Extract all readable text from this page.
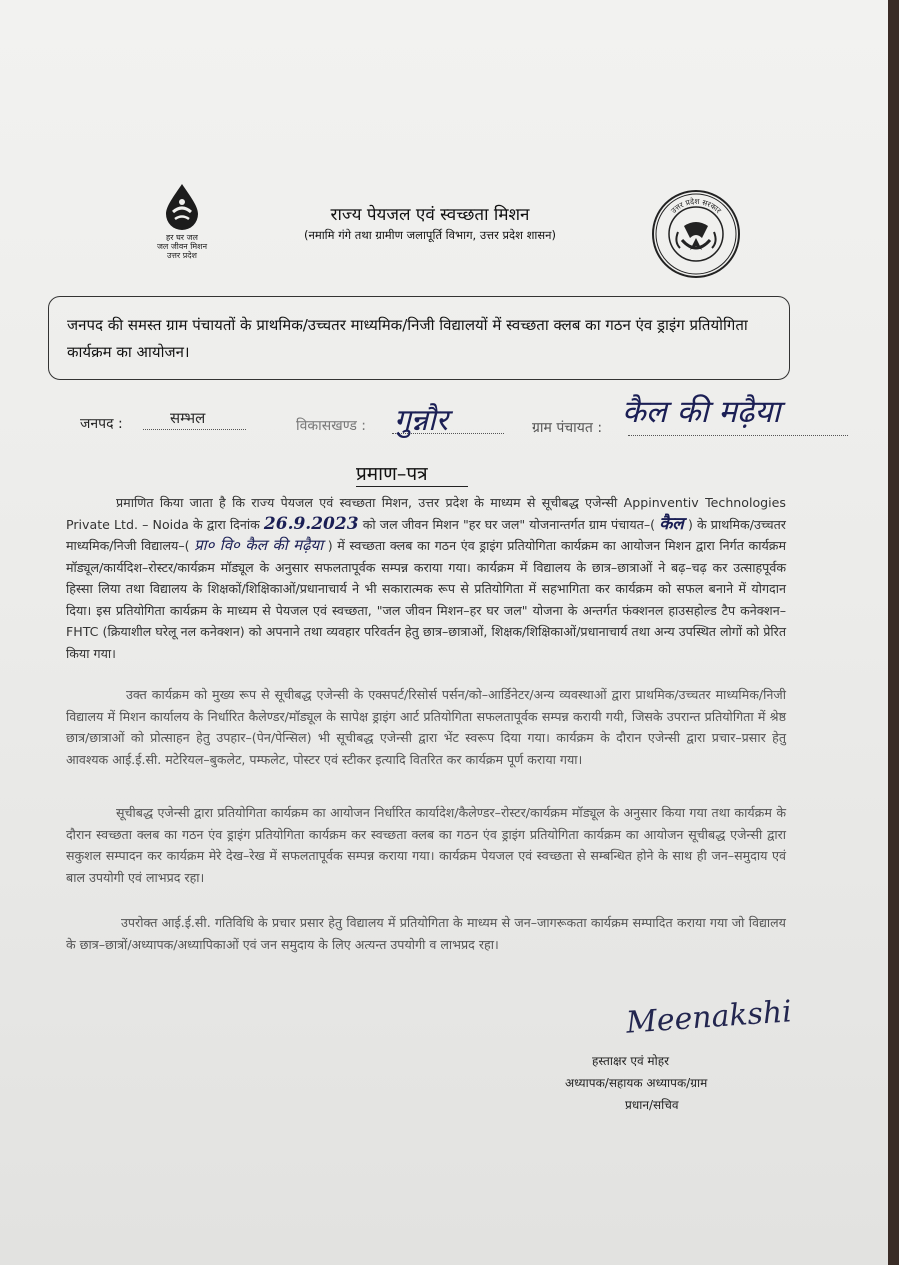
हर घर जल
जल जीवन मिशन
उत्तर प्रदेश
राज्य पेयजल एवं स्वच्छता मिशन
(नमामि गंगे तथा ग्रामीण जलापूर्ति विभाग, उत्तर प्रदेश शासन)
उत्तर प्रदेश सरकार
जनपद की समस्त ग्राम पंचायतों के प्राथमिक/उच्चतर माध्यमिक/निजी विद्यालयों में स्वच्छता क्लब का गठन एंव ड्राइंग प्रतियोगिता कार्यक्रम का आयोजन।
जनपद :	सम्भल	विकासखण्ड : गुन्नौर	ग्राम पंचायत : कैल की मढ़ैया
प्रमाण–पत्र
प्रमाणित किया जाता है कि राज्य पेयजल एवं स्वच्छता मिशन, उत्तर प्रदेश के माध्यम से सूचीबद्ध एजेन्सी Appinventiv Technologies Private Ltd. – Noida के द्वारा दिनांक 26.9.2023 को जल जीवन मिशन "हर घर जल" योजनान्तर्गत ग्राम पंचायत–( कैल ) के प्राथमिक/उच्चतर माध्यमिक/निजी विद्यालय–( प्रा० वि० कैल की मढ़ैया ) में स्वच्छता क्लब का गठन एंव ड्राइंग प्रतियोगिता कार्यक्रम का आयोजन मिशन द्वारा निर्गत कार्यक्रम मॉड्यूल/कार्यदिश–रोस्टर/कार्यक्रम मॉड्यूल के अनुसार सफलतापूर्वक सम्पन्न कराया गया। कार्यक्रम में विद्यालय के छात्र–छात्राओं ने बढ़–चढ़ कर उत्साहपूर्वक हिस्सा लिया तथा विद्यालय के शिक्षकों/शिक्षिकाओं/प्रधानाचार्य ने भी सकारात्मक रूप से प्रतियोगिता में सहभागिता कर कार्यक्रम को सफल बनाने में योगदान दिया। इस प्रतियोगिता कार्यक्रम के माध्यम से पेयजल एवं स्वच्छता, "जल जीवन मिशन–हर घर जल" योजना के अन्तर्गत फंक्शनल हाउसहोल्ड टैप कनेक्शन–FHTC (क्रियाशील घरेलू नल कनेक्शन) को अपनाने तथा व्यवहार परिवर्तन हेतु छात्र–छात्राओं, शिक्षक/शिक्षिकाओं/प्रधानाचार्य तथा अन्य उपस्थित लोगों को प्रेरित किया गया।
उक्त कार्यक्रम को मुख्य रूप से सूचीबद्ध एजेन्सी के एक्सपर्ट/रिसोर्स पर्सन/को–आर्डिनेटर/अन्य व्यवस्थाओं द्वारा प्राथमिक/उच्चतर माध्यमिक/निजी विद्यालय में मिशन कार्यालय के निर्धारित कैलेण्डर/मॉड्यूल के सापेक्ष ड्राइंग आर्ट प्रतियोगिता सफलतापूर्वक सम्पन्न करायी गयी, जिसके उपरान्त प्रतियोगिता में श्रेष्ठ छात्र/छात्राओं को प्रोत्साहन हेतु उपहार–(पेन/पेन्सिल) भी सूचीबद्ध एजेन्सी द्वारा भेंट स्वरूप दिया गया। कार्यक्रम के दौरान एजेन्सी द्वारा प्रचार–प्रसार हेतु आवश्यक आई.ई.सी. मटेरियल–बुकलेट, पम्फलेट, पोस्टर एवं स्टीकर इत्यादि वितरित कर कार्यक्रम पूर्ण कराया गया।
सूचीबद्ध एजेन्सी द्वारा प्रतियोगिता कार्यक्रम का आयोजन निर्धारित कार्यादेश/कैलेण्डर–रोस्टर/कार्यक्रम मॉड्यूल के अनुसार किया गया तथा कार्यक्रम के दौरान स्वच्छता क्लब का गठन एंव ड्राइंग प्रतियोगिता कार्यक्रम कर स्वच्छता क्लब का गठन एंव ड्राइंग प्रतियोगिता कार्यक्रम का आयोजन सूचीबद्ध एजेन्सी द्वारा सकुशल सम्पादन कर कार्यक्रम मेरे देख–रेख में सफलतापूर्वक सम्पन्न कराया गया। कार्यक्रम पेयजल एवं स्वच्छता से सम्बन्धित होने के साथ ही जन–समुदाय एवं बाल उपयोगी एवं लाभप्रद रहा।
उपरोक्त आई.ई.सी. गतिविधि के प्रचार प्रसार हेतु विद्यालय में प्रतियोगिता के माध्यम से जन–जागरूकता कार्यक्रम सम्पादित कराया गया जो विद्यालय के छात्र–छात्रों/अध्यापक/अध्यापिकाओं एवं जन समुदाय के लिए अत्यन्त उपयोगी व लाभप्रद रहा।
Meenakshi
हस्ताक्षर एवं मोहर
अध्यापक/सहायक अध्यापक/ग्राम
प्रधान/सचिव
